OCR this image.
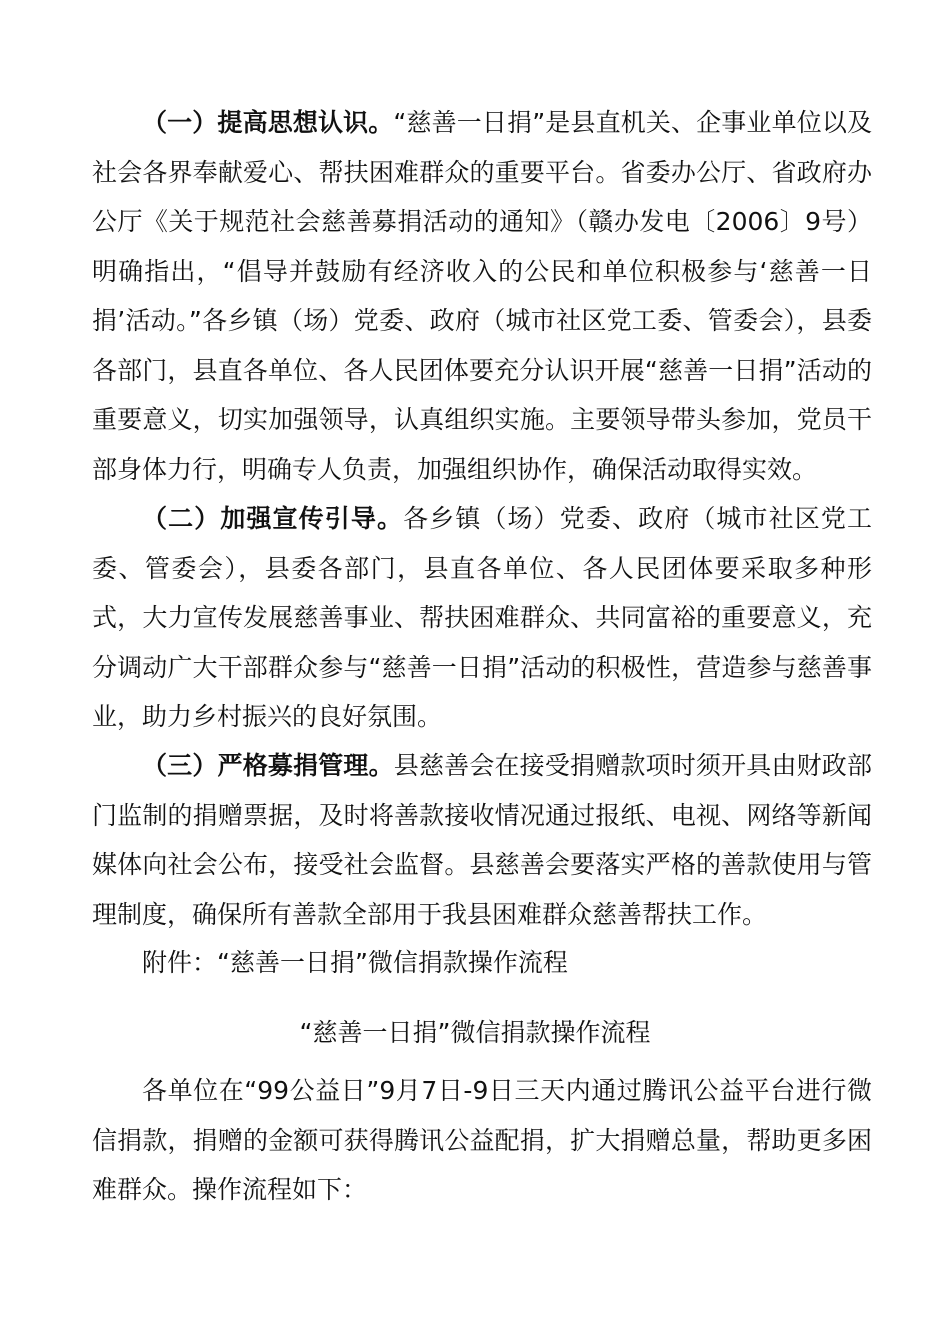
（一）提高思想认识。“慈善一日捐”是县直机关、企事业单位以及社会各界奉献爱心、帮扶困难群众的重要平台。省委办公厅、省政府办公厅《关于规范社会慈善募捐活动的通知》（赣办发电〔2006〕9号）明确指出，“倡导并鼓励有经济收入的公民和单位积极参与‘慈善一日捐’活动。”各乡镇（场）党委、政府（城市社区党工委、管委会），县委各部门，县直各单位、各人民团体要充分认识开展“慈善一日捐”活动的重要意义，切实加强领导，认真组织实施。主要领导带头参加，党员干部身体力行，明确专人负责，加强组织协作，确保活动取得实效。

（二）加强宣传引导。各乡镇（场）党委、政府（城市社区党工委、管委会），县委各部门，县直各单位、各人民团体要采取多种形式，大力宣传发展慈善事业、帮扶困难群众、共同富裕的重要意义，充分调动广大干部群众参与“慈善一日捐”活动的积极性，营造参与慈善事业，助力乡村振兴的良好氛围。

（三）严格募捐管理。县慈善会在接受捐赠款项时须开具由财政部门监制的捐赠票据，及时将善款接收情况通过报纸、电视、网络等新闻媒体向社会公布，接受社会监督。县慈善会要落实严格的善款使用与管理制度，确保所有善款全部用于我县困难群众慈善帮扶工作。

附件：“慈善一日捐”微信捐款操作流程

“慈善一日捐”微信捐款操作流程

各单位在“99公益日”9月7日-9日三天内通过腾讯公益平台进行微信捐款，捐赠的金额可获得腾讯公益配捐，扩大捐赠总量，帮助更多困难群众。操作流程如下：
